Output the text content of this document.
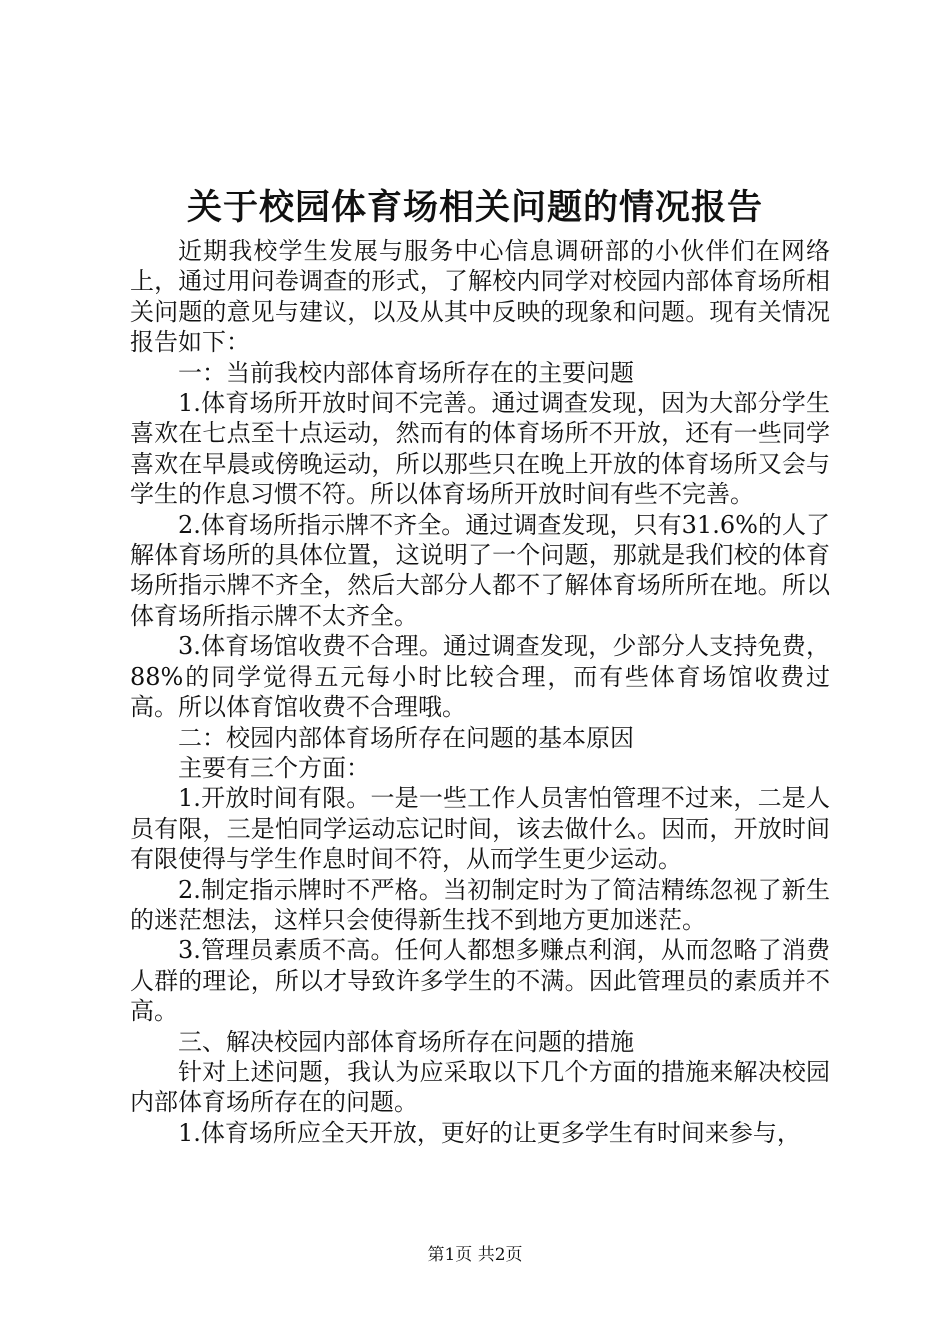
关于校园体育场相关问题的情况报告

近期我校学生发展与服务中心信息调研部的小伙伴们在网络上，通过用问卷调查的形式，了解校内同学对校园内部体育场所相关问题的意见与建议，以及从其中反映的现象和问题。现有关情况报告如下：

一：当前我校内部体育场所存在的主要问题

1.体育场所开放时间不完善。通过调查发现，因为大部分学生喜欢在七点至十点运动，然而有的体育场所不开放，还有一些同学喜欢在早晨或傍晚运动，所以那些只在晚上开放的体育场所又会与学生的作息习惯不符。所以体育场所开放时间有些不完善。

2.体育场所指示牌不齐全。通过调查发现，只有31.6%的人了解体育场所的具体位置，这说明了一个问题，那就是我们校的体育场所指示牌不齐全，然后大部分人都不了解体育场所所在地。所以体育场所指示牌不太齐全。

3.体育场馆收费不合理。通过调查发现，少部分人支持免费，88%的同学觉得五元每小时比较合理，而有些体育场馆收费过高。所以体育馆收费不合理哦。

二：校园内部体育场所存在问题的基本原因

主要有三个方面：

1.开放时间有限。一是一些工作人员害怕管理不过来，二是人员有限，三是怕同学运动忘记时间，该去做什么。因而，开放时间有限使得与学生作息时间不符，从而学生更少运动。

2.制定指示牌时不严格。当初制定时为了简洁精练忽视了新生的迷茫想法，这样只会使得新生找不到地方更加迷茫。

3.管理员素质不高。任何人都想多赚点利润，从而忽略了消费人群的理论，所以才导致许多学生的不满。因此管理员的素质并不高。

三、解决校园内部体育场所存在问题的措施

针对上述问题，我认为应采取以下几个方面的措施来解决校园内部体育场所存在的问题。

1.体育场所应全天开放，更好的让更多学生有时间来参与，

第1页 共2页
